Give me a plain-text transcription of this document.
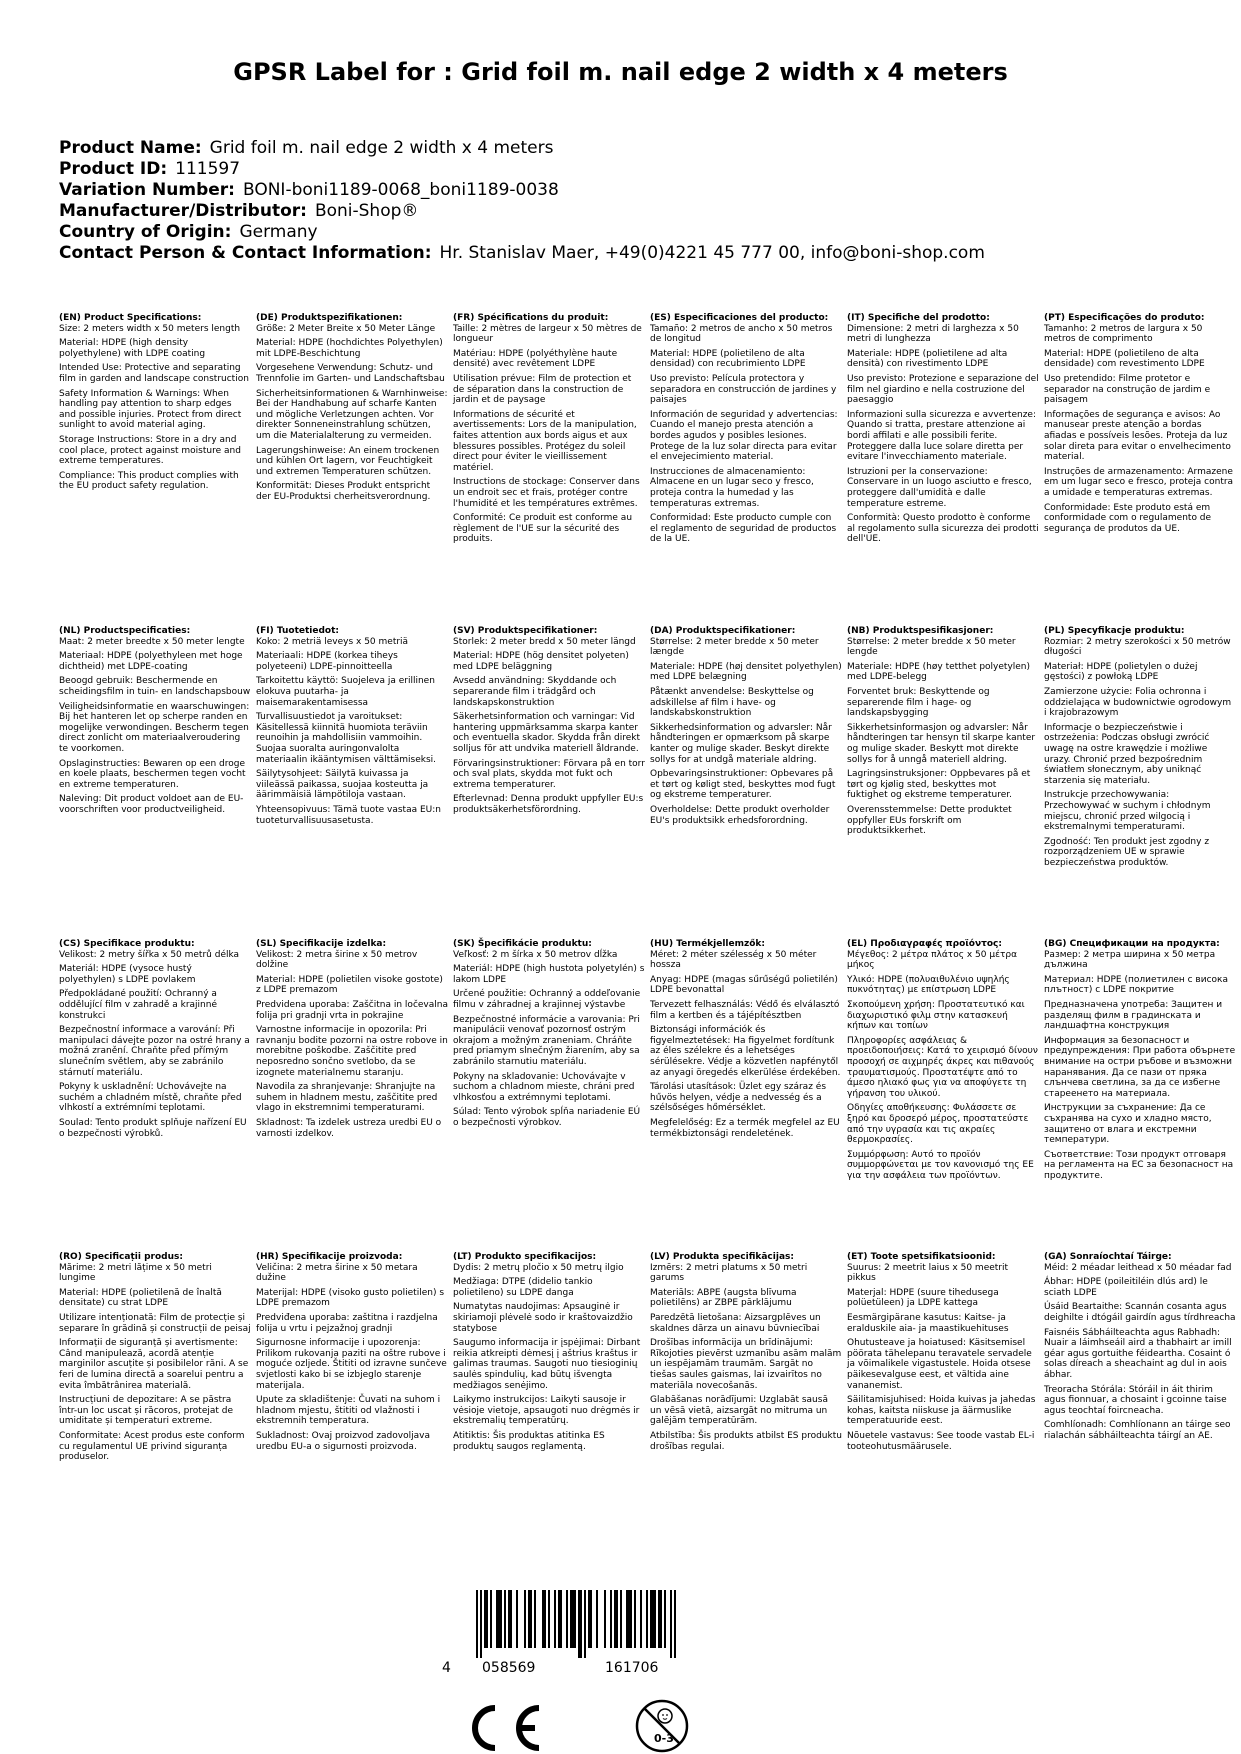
GPSR Label for : Grid foil m. nail edge 2 width x 4 meters
Product Name: Grid foil m. nail edge 2 width x 4 meters
Product ID: 111597
Variation Number: BONI-boni1189-0068_boni1189-0038
Manufacturer/Distributor: Boni-Shop®
Country of Origin: Germany
Contact Person & Contact Information: Hr. Stanislav Maer, +49(0)4221 45 777 00, info@boni-shop.com
(EN) Product Specifications:

Size: 2 meters width x 50 meters length

Material: HDPE (high density polyethylene) with LDPE coating

Intended Use: Protective and separating film in garden and landscape construction

Safety Information & Warnings: When handling pay attention to sharp edges and possible injuries. Protect from direct sunlight to avoid material aging.

Storage Instructions: Store in a dry and cool place, protect against moisture and extreme temperatures.

Compliance: This product complies with the EU product safety regulation.

(DE) Produktspezifikationen:

Größe: 2 Meter Breite x 50 Meter Länge

Material: HDPE (hochdichtes Polyethylen) mit LDPE-Beschichtung

Vorgesehene Verwendung: Schutz- und Trennfolie im Garten- und Landschaftsbau

Sicherheitsinformationen & Warnhinweise: Bei der Handhabung auf scharfe Kanten und mögliche Verletzungen achten. Vor direkter Sonneneinstrahlung schützen, um die Materialalterung zu vermeiden.

Lagerungshinweise: An einem trockenen und kühlen Ort lagern, vor Feuchtigkeit und extremen Temperaturen schützen.

Konformität: Dieses Produkt entspricht der EU-Produktsi cherheitsverordnung.

(FR) Spécifications du produit:

Taille: 2 mètres de largeur x 50 mètres de longueur

Matériau: HDPE (polyéthylène haute densité) avec revêtement LDPE

Utilisation prévue: Film de protection et de séparation dans la construction de jardin et de paysage

Informations de sécurité et avertissements: Lors de la manipulation, faites attention aux bords aigus et aux blessures possibles. Protégez du soleil direct pour éviter le vieillissement matériel.

Instructions de stockage: Conserver dans un endroit sec et frais, protéger contre l'humidité et les températures extrêmes.

Conformité: Ce produit est conforme au règlement de l'UE sur la sécurité des produits.

(ES) Especificaciones del producto:

Tamaño: 2 metros de ancho x 50 metros de longitud

Material: HDPE (polietileno de alta densidad) con recubrimiento LDPE

Uso previsto: Película protectora y separadora en construcción de jardines y paisajes

Información de seguridad y advertencias: Cuando el manejo presta atención a bordes agudos y posibles lesiones. Protege de la luz solar directa para evitar el envejecimiento material.

Instrucciones de almacenamiento: Almacene en un lugar seco y fresco, proteja contra la humedad y las temperaturas extremas.

Conformidad: Este producto cumple con el reglamento de seguridad de productos de la UE.

(IT) Specifiche del prodotto:

Dimensione: 2 metri di larghezza x 50 metri di lunghezza

Materiale: HDPE (polietilene ad alta densità) con rivestimento LDPE

Uso previsto: Protezione e separazione del film nel giardino e nella costruzione del paesaggio

Informazioni sulla sicurezza e avvertenze: Quando si tratta, prestare attenzione ai bordi affilati e alle possibili ferite. Proteggere dalla luce solare diretta per evitare l'invecchiamento materiale.

Istruzioni per la conservazione: Conservare in un luogo asciutto e fresco, proteggere dall'umidità e dalle temperature estreme.

Conformità: Questo prodotto è conforme al regolamento sulla sicurezza dei prodotti dell'UE.

(PT) Especificações do produto:

Tamanho: 2 metros de largura x 50 metros de comprimento

Material: HDPE (polietileno de alta densidade) com revestimento LDPE

Uso pretendido: Filme protetor e separador na construção de jardim e paisagem

Informações de segurança e avisos: Ao manusear preste atenção a bordas afiadas e possíveis lesões. Proteja da luz solar direta para evitar o envelhecimento material.

Instruções de armazenamento: Armazene em um lugar seco e fresco, proteja contra a umidade e temperaturas extremas.

Conformidade: Este produto está em conformidade com o regulamento de segurança de produtos da UE.

(NL) Productspecificaties:

Maat: 2 meter breedte x 50 meter lengte

Materiaal: HDPE (polyethyleen met hoge dichtheid) met LDPE-coating

Beoogd gebruik: Beschermende en scheidingsfilm in tuin- en landschapsbouw

Veiligheidsinformatie en waarschuwingen: Bij het hanteren let op scherpe randen en mogelijke verwondingen. Bescherm tegen direct zonlicht om materiaalveroudering te voorkomen.

Opslaginstructies: Bewaren op een droge en koele plaats, beschermen tegen vocht en extreme temperaturen.

Naleving: Dit product voldoet aan de EU-voorschriften voor productveiligheid.

(FI) Tuotetiedot:

Koko: 2 metriä leveys x 50 metriä

Materiaali: HDPE (korkea tiheys polyeteeni) LDPE-pinnoitteella

Tarkoitettu käyttö: Suojeleva ja erillinen elokuva puutarha- ja maisemarakentamisessa

Turvallisuustiedot ja varoitukset: Käsitellessä kiinnitä huomiota teräviin reunoihin ja mahdollisiin vammoihin. Suojaa suoralta auringonvalolta materiaalin ikääntymisen välttämiseksi.

Säilytysohjeet: Säilytä kuivassa ja viileässä paikassa, suojaa kosteutta ja äärimmäisiä lämpötiloja vastaan.

Yhteensopivuus: Tämä tuote vastaa EU:n tuoteturvallisuusasetusta.

(SV) Produktspecifikationer:

Storlek: 2 meter bredd x 50 meter längd

Material: HDPE (hög densitet polyeten) med LDPE beläggning

Avsedd användning: Skyddande och separerande film i trädgård och landskapskonstruktion

Säkerhetsinformation och varningar: Vid hantering uppmärksamma skarpa kanter och eventuella skador. Skydda från direkt solljus för att undvika materiell åldrande.

Förvaringsinstruktioner: Förvara på en torr och sval plats, skydda mot fukt och extrema temperaturer.

Efterlevnad: Denna produkt uppfyller EU:s produktsäkerhetsförordning.

(DA) Produktspecifikationer:

Størrelse: 2 meter bredde x 50 meter længde

Materiale: HDPE (høj densitet polyethylen) med LDPE belægning

Påtænkt anvendelse: Beskyttelse og adskillelse af film i have- og landskabskonstruktion

Sikkerhedsinformation og advarsler: Når håndteringen er opmærksom på skarpe kanter og mulige skader. Beskyt direkte sollys for at undgå materiale aldring.

Opbevaringsinstruktioner: Opbevares på et tørt og køligt sted, beskyttes mod fugt og ekstreme temperaturer.

Overholdelse: Dette produkt overholder EU's produktsikk erhedsforordning.

(NB) Produktspesifikasjoner:

Størrelse: 2 meter bredde x 50 meter lengde

Materiale: HDPE (høy tetthet polyetylen) med LDPE-belegg

Forventet bruk: Beskyttende og separerende film i hage- og landskapsbygging

Sikkerhetsinformasjon og advarsler: Når håndteringen tar hensyn til skarpe kanter og mulige skader. Beskytt mot direkte sollys for å unngå materiell aldring.

Lagringsinstruksjoner: Oppbevares på et tørt og kjølig sted, beskyttes mot fuktighet og ekstreme temperaturer.

Overensstemmelse: Dette produktet oppfyller EUs forskrift om produktsikkerhet.

(PL) Specyfikacje produktu:

Rozmiar: 2 metry szerokości x 50 metrów długości

Materiał: HDPE (polietylen o dużej gęstości) z powłoką LDPE

Zamierzone użycie: Folia ochronna i oddzielająca w budownictwie ogrodowym i krajobrazowym

Informacje o bezpieczeństwie i ostrzeżenia: Podczas obsługi zwrócić uwagę na ostre krawędzie i możliwe urazy. Chronić przed bezpośrednim światłem słonecznym, aby uniknąć starzenia się materiału.

Instrukcje przechowywania: Przechowywać w suchym i chłodnym miejscu, chronić przed wilgocią i ekstremalnymi temperaturami.

Zgodność: Ten produkt jest zgodny z rozporządzeniem UE w sprawie bezpieczeństwa produktów.

(CS) Specifikace produktu:

Velikost: 2 metry šířka x 50 metrů délka

Materiál: HDPE (vysoce hustý polyethylen) s LDPE povlakem

Předpokládané použití: Ochranný a oddělující film v zahradě a krajinné konstrukci

Bezpečnostní informace a varování: Při manipulaci dávejte pozor na ostré hrany a možná zranění. Chraňte před přímým slunečním světlem, aby se zabránilo stárnutí materiálu.

Pokyny k uskladnění: Uchovávejte na suchém a chladném místě, chraňte před vlhkostí a extrémními teplotami.

Soulad: Tento produkt splňuje nařízení EU o bezpečnosti výrobků.

(SL) Specifikacije izdelka:

Velikost: 2 metra širine x 50 metrov dolžine

Material: HDPE (polietilen visoke gostote) z LDPE premazom

Predvidena uporaba: Zaščitna in ločevalna folija pri gradnji vrta in pokrajine

Varnostne informacije in opozorila: Pri ravnanju bodite pozorni na ostre robove in morebitne poškodbe. Zaščitite pred neposredno sončno svetlobo, da se izognete materialnemu staranju.

Navodila za shranjevanje: Shranjujte na suhem in hladnem mestu, zaščitite pred vlago in ekstremnimi temperaturami.

Skladnost: Ta izdelek ustreza uredbi EU o varnosti izdelkov.

(SK) Špecifikácie produktu:

Veľkosť: 2 m šírka x 50 metrov dĺžka

Materiál: HDPE (high hustota polyetylén) s lakom LDPE

Určené použitie: Ochranný a oddeľovanie filmu v záhradnej a krajinnej výstavbe

Bezpečnostné informácie a varovania: Pri manipulácii venovať pozornosť ostrým okrajom a možným zraneniam. Chráňte pred priamym slnečným žiarením, aby sa zabránilo starnutiu materiálu.

Pokyny na skladovanie: Uchovávajte v suchom a chladnom mieste, chráni pred vlhkosťou a extrémnymi teplotami.

Súlad: Tento výrobok spĺňa nariadenie EÚ o bezpečnosti výrobkov.

(HU) Termékjellemzők:

Méret: 2 méter szélesség x 50 méter hossza

Anyag: HDPE (magas sűrűségű polietilén) LDPE bevonattal

Tervezett felhasználás: Védő és elválasztó film a kertben és a tájépítésztben

Biztonsági információk és figyelmeztetések: Ha figyelmet fordítunk az éles szélekre és a lehetséges sérülésekre. Védje a közvetlen napfénytől az anyagi öregedés elkerülése érdekében.

Tárolási utasítások: Üzlet egy száraz és hűvös helyen, védje a nedvesség és a szélsőséges hőmérséklet.

Megfelelőség: Ez a termék megfelel az EU termékbiztonsági rendeletének.

(EL) Προδιαγραφές προϊόντος:

Μέγεθος: 2 μέτρα πλάτος x 50 μέτρα μήκος

Υλικό: HDPE (πολυαιθυλένιο υψηλής πυκνότητας) με επίστρωση LDPE

Σκοπούμενη χρήση: Προστατευτικό και διαχωριστικό φιλμ στην κατασκευή κήπων και τοπίων

Πληροφορίες ασφάλειας & προειδοποιήσεις: Κατά το χειρισμό δίνουν προσοχή σε αιχμηρές άκρες και πιθανούς τραυματισμούς. Προστατέψτε από το άμεσο ηλιακό φως για να αποφύγετε τη γήρανση του υλικού.

Οδηγίες αποθήκευσης: Φυλάσσετε σε ξηρό και δροσερό μέρος, προστατεύστε από την υγρασία και τις ακραίες θερμοκρασίες.

Συμμόρφωση: Αυτό το προϊόν συμμορφώνεται με τον κανονισμό της ΕΕ για την ασφάλεια των προϊόντων.

(BG) Спецификации на продукта:

Размер: 2 метра ширина x 50 метра дължина

Материал: HDPE (полиетилен с висока плътност) с LDPE покритие

Предназначена употреба: Защитен и разделящ филм в градинската и ландшафтна конструкция

Информация за безопасност и предупреждения: При работа обърнете внимание на остри ръбове и възможни наранявания. Да се пази от пряка слънчева светлина, за да се избегне стареенето на материала.

Инструкции за съхранение: Да се съхранява на сухо и хладно място, защитено от влага и екстремни температури.

Съответствие: Този продукт отговаря на регламента на ЕС за безопасност на продуктите.

(RO) Specificații produs:

Mărime: 2 metri lățime x 50 metri lungime

Material: HDPE (polietilenă de înaltă densitate) cu strat LDPE

Utilizare intenționată: Film de protecție și separare în grădină și construcții de peisaj

Informații de siguranță și avertismente: Când manipulează, acordă atenție marginilor ascuțite și posibilelor răni. A se feri de lumina directă a soarelui pentru a evita îmbătrânirea materială.

Instrucțiuni de depozitare: A se păstra într-un loc uscat și răcoros, protejat de umiditate și temperaturi extreme.

Conformitate: Acest produs este conform cu regulamentul UE privind siguranța produselor.

(HR) Specifikacije proizvoda:

Veličina: 2 metra širine x 50 metara dužine

Materijal: HDPE (visoko gusto polietilen) s LDPE premazom

Predviđena uporaba: zaštitna i razdjelna folija u vrtu i pejzažnoj gradnji

Sigurnosne informacije i upozorenja: Prilikom rukovanja paziti na oštre rubove i moguće ozljede. Štititi od izravne sunčeve svjetlosti kako bi se izbjeglo starenje materijala.

Upute za skladištenje: Čuvati na suhom i hladnom mjestu, štititi od vlažnosti i ekstremnih temperatura.

Sukladnost: Ovaj proizvod zadovoljava uredbu EU-a o sigurnosti proizvoda.

(LT) Produkto specifikacijos:

Dydis: 2 metrų pločio x 50 metrų ilgio

Medžiaga: DTPE (didelio tankio polietileno) su LDPE danga

Numatytas naudojimas: Apsauginė ir skiriamoji plėvelė sodo ir kraštovaizdžio statybose

Saugumo informacija ir įspėjimai: Dirbant reikia atkreipti dėmesį į aštrius kraštus ir galimas traumas. Saugoti nuo tiesioginių saulės spindulių, kad būtų išvengta medžiagos senėjimo.

Laikymo instrukcijos: Laikyti sausoje ir vėsioje vietoje, apsaugoti nuo drėgmės ir ekstremalių temperatūrų.

Atitiktis: Šis produktas atitinka ES produktų saugos reglamentą.

(LV) Produkta specifikācijas:

Izmērs: 2 metri platums x 50 metri garums

Materiāls: ABPE (augsta blīvuma polietilēns) ar ZBPE pārklājumu

Paredzētā lietošana: Aizsargplēves un skaldnes dārza un ainavu būvniecībai

Drošības informācija un brīdinājumi: Rīkojoties pievērst uzmanību asām malām un iespējamām traumām. Sargāt no tiešas saules gaismas, lai izvairītos no materiāla novecošanās.

Glabāšanas norādījumi: Uzglabāt sausā un vēsā vietā, aizsargāt no mitruma un galējām temperatūrām.

Atbilstība: Šis produkts atbilst ES produktu drošības regulai.

(ET) Toote spetsifikatsioonid:

Suurus: 2 meetrit laius x 50 meetrit pikkus

Materjal: HDPE (suure tihedusega polüetüleen) ja LDPE kattega

Eesmärgipärane kasutus: Kaitse- ja eralduskile aia- ja maastikuehituses

Ohutusteave ja hoiatused: Käsitsemisel pöörata tähelepanu teravatele servadele ja võimalikele vigastustele. Hoida otsese päikesevalguse eest, et vältida aine vananemist.

Säilitamisjuhised: Hoida kuivas ja jahedas kohas, kaitsta niiskuse ja äärmuslike temperatuuride eest.

Nõuetele vastavus: See toode vastab EL-i tooteohutusmääruselе.

(GA) Sonraíochtaí Táirge:

Méid: 2 méadar leithead x 50 méadar fad

Ábhar: HDPE (poileitiléin dlús ard) le sciath LDPE

Úsáid Beartaithe: Scannán cosanta agus deighilte i dtógáil gairdín agus tírdhreacha

Faisnéis Sábháilteachta agus Rabhadh: Nuair a láimhseáil aird a thabhairt ar imill géar agus gortuithe féideartha. Cosaint ó solas díreach a sheachaint ag dul in aois ábhar.

Treoracha Stórála: Stóráil in áit thirim agus fionnuar, a chosaint i gcoinne taise agus teochtaí foircneacha.

Comhlíonadh: Comhlíonann an táirge seo rialachán sábháilteachta táirgí an AE.

4 058569	161706
0-3
